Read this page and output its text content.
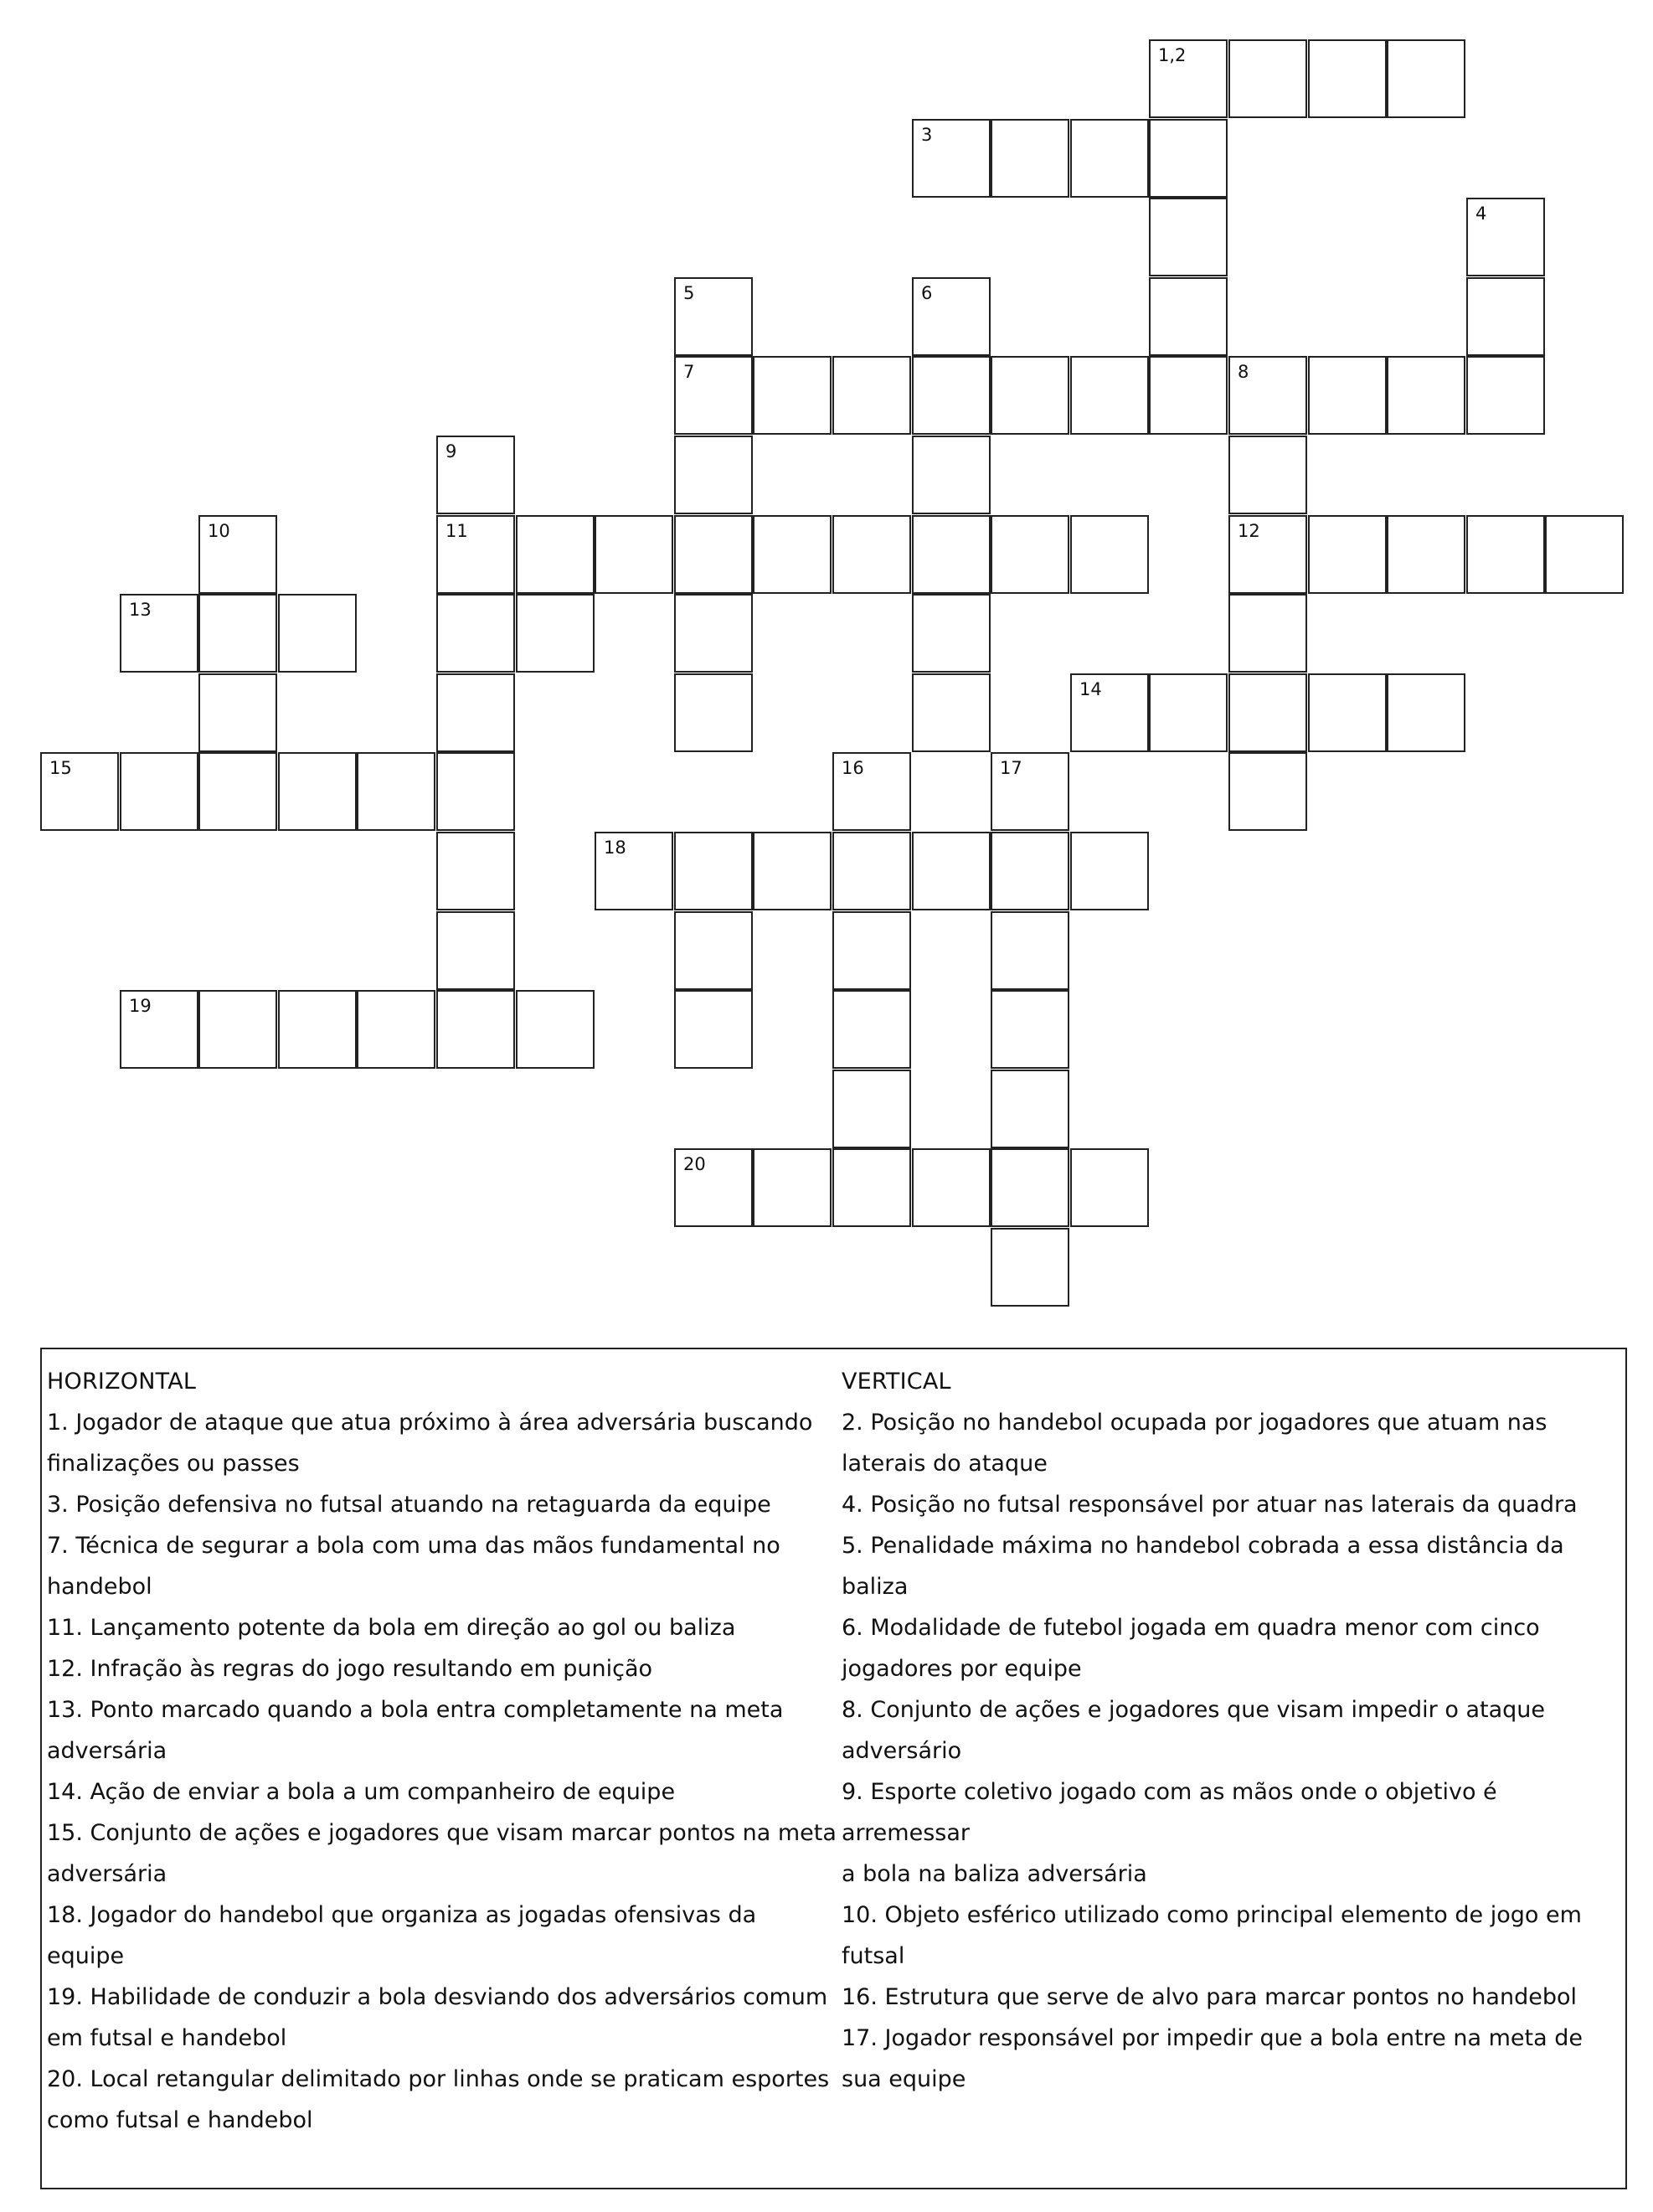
3
4
5	6
7	8
9
10	11	12
13
14
15	16	17
18
19
20
1,2
HORIZONTAL
1. Jogador de ataque que atua próximo à área adversária buscando
finalizações ou passes
3. Posição defensiva no futsal atuando na retaguarda da equipe
7. Técnica de segurar a bola com uma das mãos fundamental no
handebol
11. Lançamento potente da bola em direção ao gol ou baliza
12. Infração às regras do jogo resultando em punição
13. Ponto marcado quando a bola entra completamente na meta
adversária
14. Ação de enviar a bola a um companheiro de equipe
15. Conjunto de ações e jogadores que visam marcar pontos na meta
adversária
18. Jogador do handebol que organiza as jogadas ofensivas da
equipe
19. Habilidade de conduzir a bola desviando dos adversários comum
em futsal e handebol
20. Local retangular delimitado por linhas onde se praticam esportes
como futsal e handebol
VERTICAL
2. Posição no handebol ocupada por jogadores que atuam nas
laterais do ataque
4. Posição no futsal responsável por atuar nas laterais da quadra
5. Penalidade máxima no handebol cobrada a essa distância da
baliza
6. Modalidade de futebol jogada em quadra menor com cinco
jogadores por equipe
8. Conjunto de ações e jogadores que visam impedir o ataque
adversário
9. Esporte coletivo jogado com as mãos onde o objetivo é arremessar
a bola na baliza adversária
10. Objeto esférico utilizado como principal elemento de jogo em
futsal
16. Estrutura que serve de alvo para marcar pontos no handebol
17. Jogador responsável por impedir que a bola entre na meta de
sua equipe
